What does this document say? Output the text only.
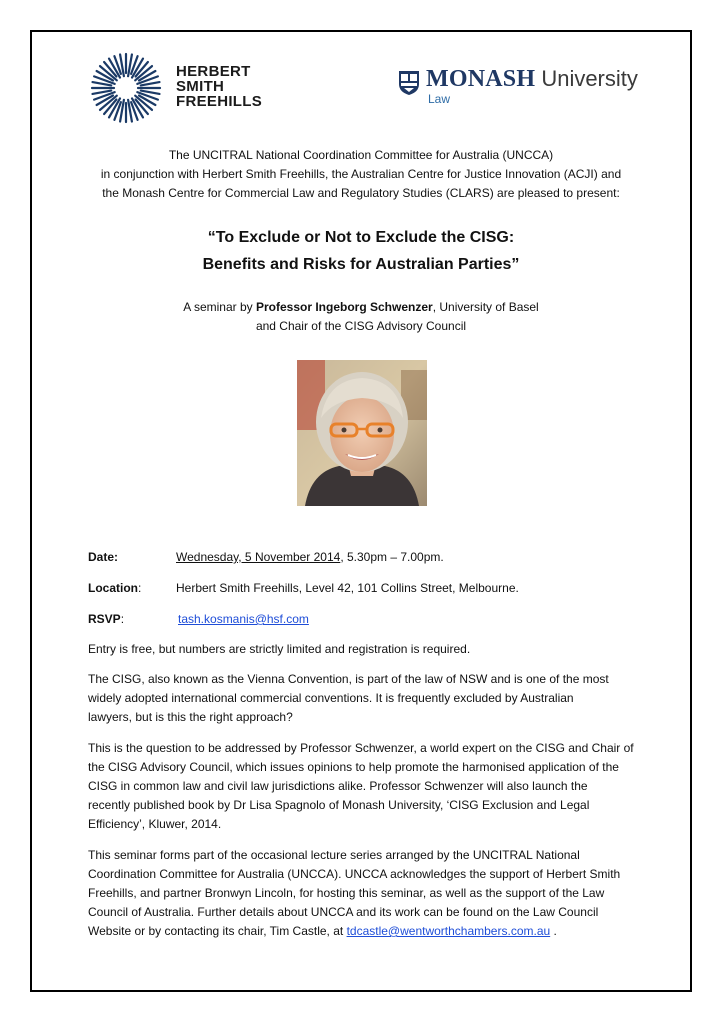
HERBERT
SMITH
FREEHILLS
MONASH University
Law
The UNCITRAL National Coordination Committee for Australia (UNCCA)
in conjunction with Herbert Smith Freehills, the Australian Centre for Justice Innovation (ACJI) and
the Monash Centre for Commercial Law and Regulatory Studies (CLARS) are pleased to present:
“To Exclude or Not to Exclude the CISG:
Benefits and Risks for Australian Parties”
A seminar by Professor Ingeborg Schwenzer, University of Basel
and Chair of the CISG Advisory Council
Date:	Wednesday, 5 November 2014, 5.30pm – 7.00pm.
Location:	Herbert Smith Freehills, Level 42, 101 Collins Street, Melbourne.
RSVP:	tash.kosmanis@hsf.com

Entry is free, but numbers are strictly limited and registration is required.

The CISG, also known as the Vienna Convention, is part of the law of NSW and is one of the most

widely adopted international commercial conventions. It is frequently excluded by Australian

lawyers, but is this the right approach?

This is the question to be addressed by Professor Schwenzer, a world expert on the CISG and Chair of

the CISG Advisory Council, which issues opinions to help promote the harmonised application of the

CISG in common law and civil law jurisdictions alike. Professor Schwenzer will also launch the

recently published book by Dr Lisa Spagnolo of Monash University, ‘CISG Exclusion and Legal

Efficiency’, Kluwer, 2014.

This seminar forms part of the occasional lecture series arranged by the UNCITRAL National

Coordination Committee for Australia (UNCCA). UNCCA acknowledges the support of Herbert Smith

Freehills, and partner Bronwyn Lincoln, for hosting this seminar, as well as the support of the Law

Council of Australia. Further details about UNCCA and its work can be found on the Law Council

Website or by contacting its chair, Tim Castle, at tdcastle@wentworthchambers.com.au .
